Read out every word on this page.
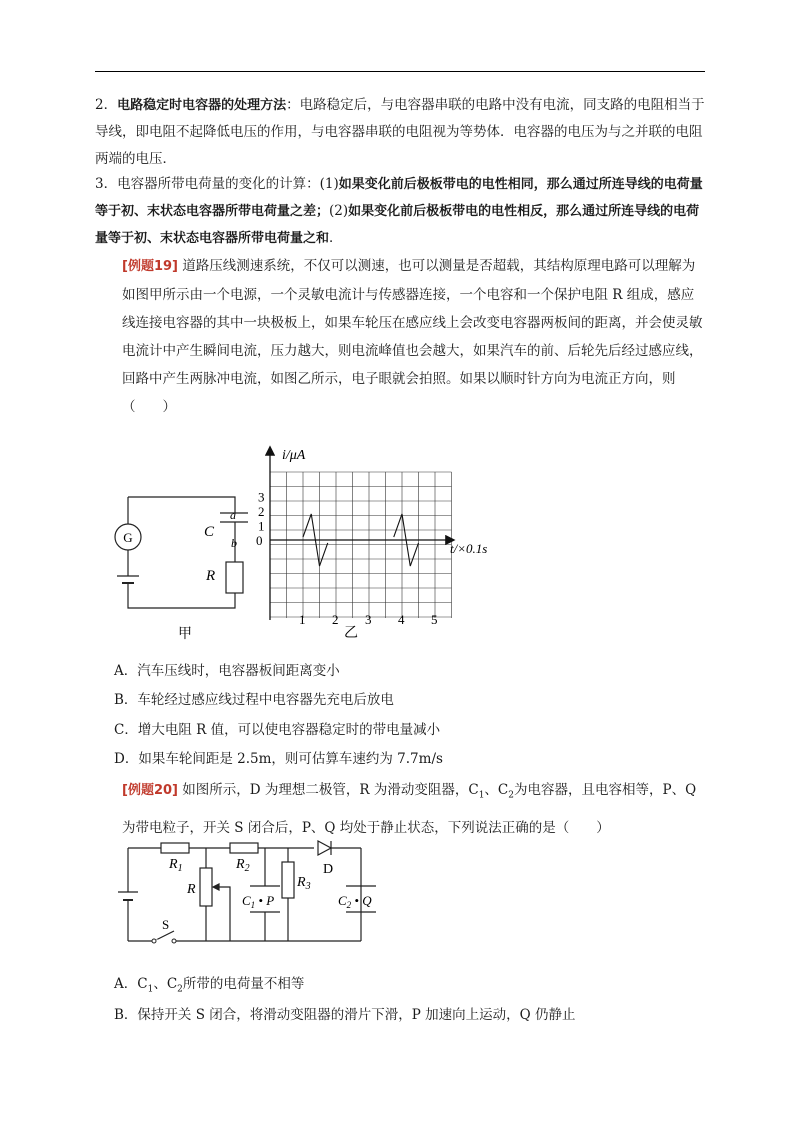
2．电路稳定时电容器的处理方法：电路稳定后，与电容器串联的电路中没有电流，同支路的电阻相当于导线，即电阻不起降低电压的作用，与电容器串联的电阻视为等势体．电容器的电压为与之并联的电阻两端的电压．
3．电容器所带电荷量的变化的计算：(1)如果变化前后极板带电的电性相同，那么通过所连导线的电荷量等于初、末状态电容器所带电荷量之差；(2)如果变化前后极板带电的电性相反，那么通过所连导线的电荷量等于初、末状态电容器所带电荷量之和．
[例题19] 道路压线测速系统，不仅可以测速，也可以测量是否超载，其结构原理电路可以理解为如图甲所示由一个电源，一个灵敏电流计与传感器连接，一个电容和一个保护电阻 R 组成，感应线连接电容器的其中一块极板上，如果车轮压在感应线上会改变电容器两板间的距离，并会使灵敏电流计中产生瞬间电流，压力越大，则电流峰值也会越大，如果汽车的前、后轮先后经过感应线，回路中产生两脉冲电流，如图乙所示，电子眼就会拍照。如果以顺时针方向为电流正方向，则（　　）
G	C
a
b
R
甲
i/μA
t/×0.1s
0
1
2
3
1 2 3 4 5
乙
A．汽车压线时，电容器板间距离变小
B．车轮经过感应线过程中电容器先充电后放电
C．增大电阻 R 值，可以使电容器稳定时的带电量减小
D．如果车轮间距是 2.5m，则可估算车速约为 7.7m/s
[例题20] 如图所示，D 为理想二极管，R 为滑动变阻器，$C_1$、$C_2$为电容器，且电容相等，P、Q 为带电粒子，开关 S 闭合后，P、Q 均处于静止状态，下列说法正确的是（　　）
$R_1$	$R_2$
$R_3$
R
D
$C_1$ • P	$C_2$ • Q
S
A．$C_1$、$C_2$所带的电荷量不相等
B．保持开关 S 闭合，将滑动变阻器的滑片下滑，P 加速向上运动，Q 仍静止
